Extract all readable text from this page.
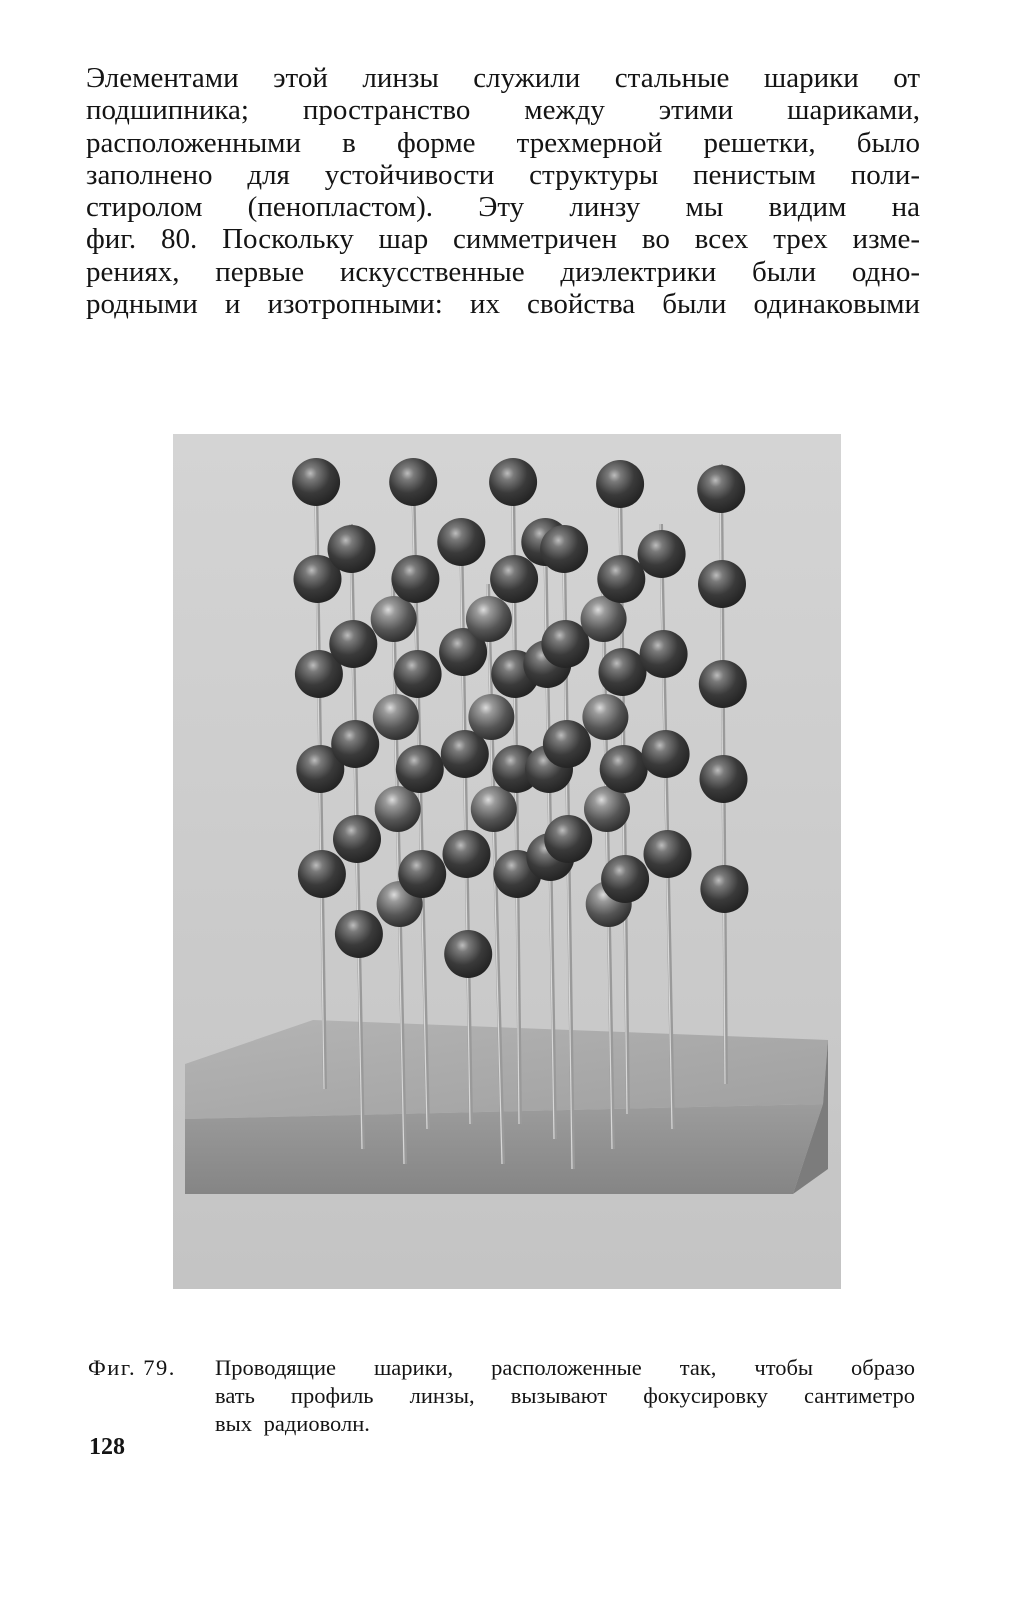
Элементами этой линзы служили стальные шарики от
подшипника; пространство между этими шариками,
расположенными в форме трехмерной решетки, было
заполнено для устойчивости структуры пенистым поли-
стиролом (пенопластом). Эту линзу мы видим на
фиг. 80. Поскольку шар симметричен во всех трех изме-
рениях, первые искусственные диэлектрики были одно-
родными и изотропными: их свойства были одинаковыми
Фиг. 79. Проводящие шарики, расположенные так, чтобы образо
вать профиль линзы, вызывают фокусировку сантиметро
вых радиоволн.
128
